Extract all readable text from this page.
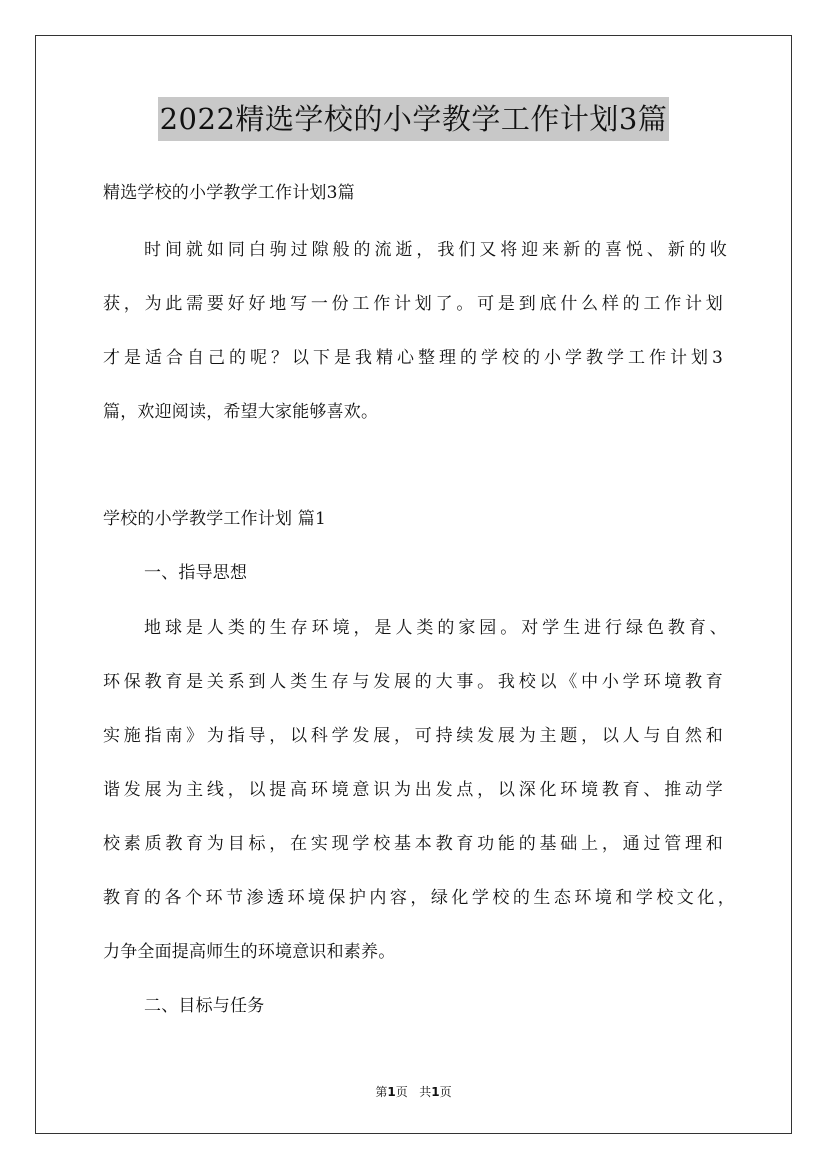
2022精选学校的小学教学工作计划3篇
精选学校的小学教学工作计划3篇
时间就如同白驹过隙般的流逝，我们又将迎来新的喜悦、新的收
获，为此需要好好地写一份工作计划了。可是到底什么样的工作计划
才是适合自己的呢？以下是我精心整理的学校的小学教学工作计划3
篇，欢迎阅读，希望大家能够喜欢。
学校的小学教学工作计划 篇1
一、指导思想
地球是人类的生存环境，是人类的家园。对学生进行绿色教育、
环保教育是关系到人类生存与发展的大事。我校以《中小学环境教育
实施指南》为指导，以科学发展，可持续发展为主题，以人与自然和
谐发展为主线，以提高环境意识为出发点，以深化环境教育、推动学
校素质教育为目标，在实现学校基本教育功能的基础上，通过管理和
教育的各个环节渗透环境保护内容，绿化学校的生态环境和学校文化，
力争全面提高师生的环境意识和素养。
二、目标与任务
第1页 共1页
